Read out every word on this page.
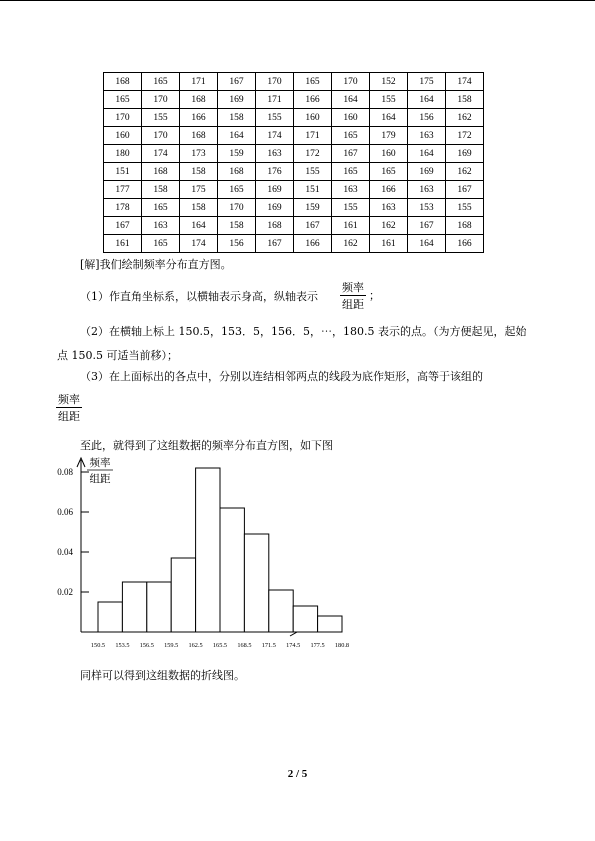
168	165	171	167	170	165	170	152	175	174
165	170	168	169	171	166	164	155	164	158
170	155	166	158	155	160	160	164	156	162
160	170	168	164	174	171	165	179	163	172
180	174	173	159	163	172	167	160	164	169
151	168	158	168	176	155	165	165	169	162
177	158	175	165	169	151	163	166	163	167
178	165	158	170	169	159	155	163	153	155
167	163	164	158	168	167	161	162	167	168
161	165	174	156	167	166	162	161	164	166
[解]我们绘制频率分布直方图。
（1）作直角坐标系，以横轴表示身高，纵轴表示
频率
组距
；
（2）在横轴上标上 150.5，153．5，156．5，⋯，180.5 表示的点。（为方便起见，起始
点 150.5 可适当前移）；
（3）在上面标出的各点中，分别以连结相邻两点的线段为底作矩形，高等于该组的
频率
组距
至此，就得到了这组数据的频率分布直方图，如下图
频率
组距
0.02
0.04
0.06
0.08
150.5 153.5 156.5 159.5 162.5 165.5 168.5 171.5 174.5 177.5 180.8
同样可以得到这组数据的折线图。
2 / 5
